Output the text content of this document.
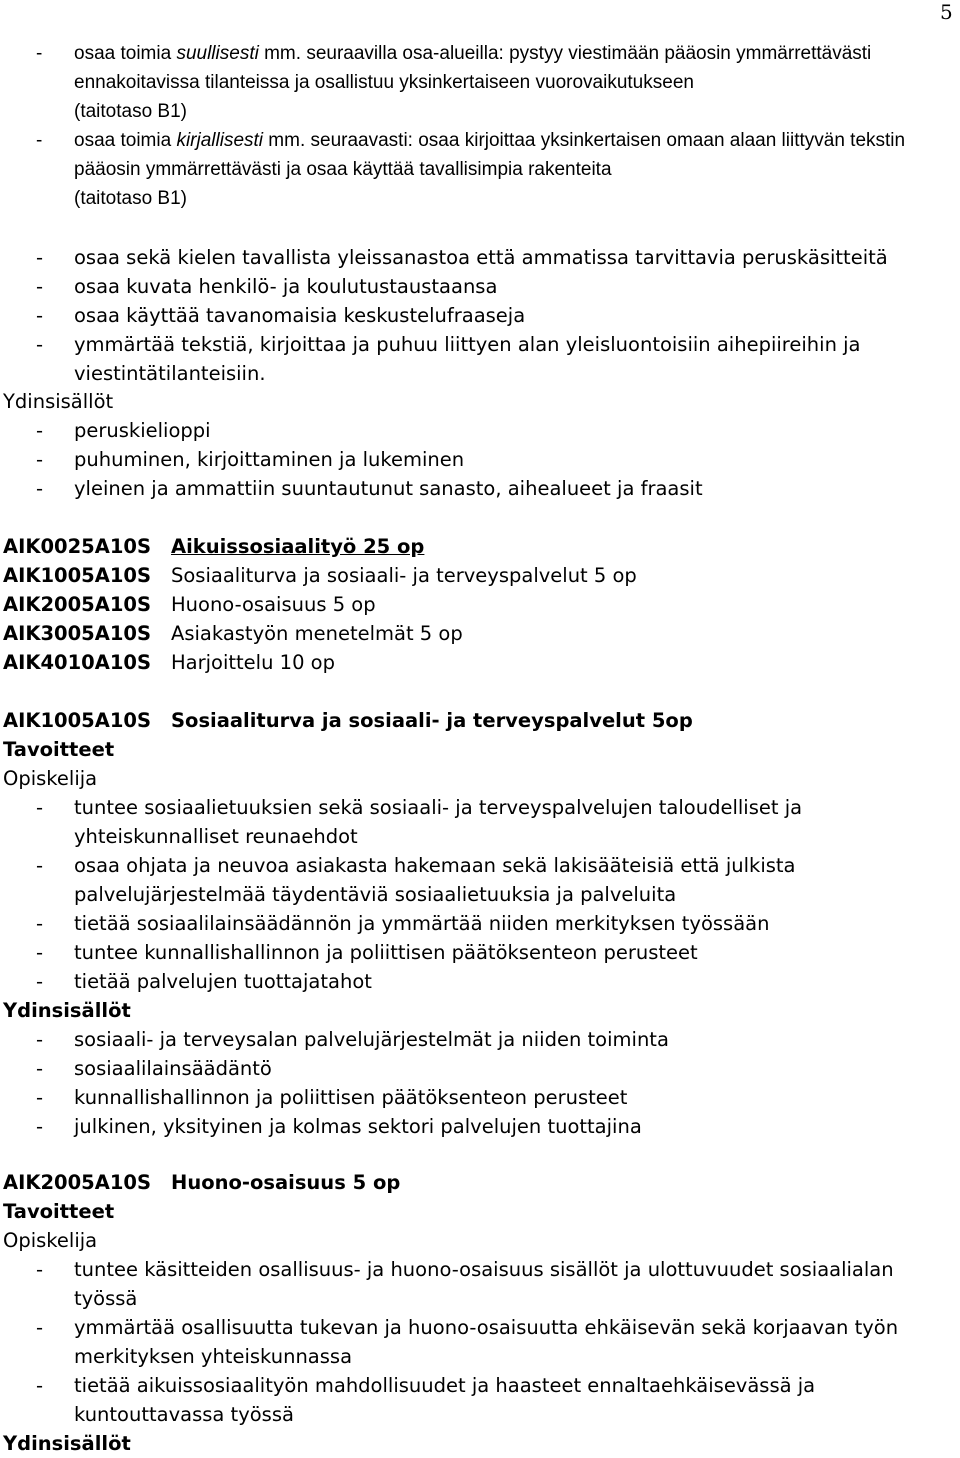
5
- osaa toimia suullisesti mm. seuraavilla osa-alueilla: pystyy viestimään pääosin ymmärrettävästi ennakoitavissa tilanteissa ja osallistuu yksinkertaiseen vuorovaikutukseen
(taitotaso B1)
- osaa toimia kirjallisesti mm. seuraavasti: osaa kirjoittaa yksinkertaisen omaan alaan liittyvän tekstin pääosin ymmärrettävästi ja osaa käyttää tavallisimpia rakenteita
(taitotaso B1)
- osaa sekä kielen tavallista yleissanastoa että ammatissa tarvittavia peruskäsitteitä
- osaa kuvata henkilö- ja koulutustaustaansa
- osaa käyttää tavanomaisia keskustelufraaseja
- ymmärtää tekstiä, kirjoittaa ja puhuu liittyen alan yleisluontoisiin aihepiireihin ja viestintätilanteisiin.
Ydinsisällöt
- peruskielioppi
- puhuminen, kirjoittaminen ja lukeminen
- yleinen ja ammattiin suuntautunut sanasto, aihealueet ja fraasit
AIK0025A10S Aikuissosiaalityö 25 op
AIK1005A10S Sosiaaliturva ja sosiaali- ja terveyspalvelut 5 op
AIK2005A10S Huono-osaisuus 5 op
AIK3005A10S Asiakastyön menetelmät 5 op
AIK4010A10S Harjoittelu 10 op
AIK1005A10S Sosiaaliturva ja sosiaali- ja terveyspalvelut 5op
Tavoitteet
Opiskelija
- tuntee sosiaalietuuksien sekä sosiaali- ja terveyspalvelujen taloudelliset ja yhteiskunnalliset reunaehdot
- osaa ohjata ja neuvoa asiakasta hakemaan sekä lakisääteisiä että julkista palvelujärjestelmää täydentäviä sosiaalietuuksia ja palveluita
- tietää sosiaalilainsäädännön ja ymmärtää niiden merkityksen työssään
- tuntee kunnallishallinnon ja poliittisen päätöksenteon perusteet
- tietää palvelujen tuottajatahot
Ydinsisällöt
- sosiaali- ja terveysalan palvelujärjestelmät ja niiden toiminta
- sosiaalilainsäädäntö
- kunnallishallinnon ja poliittisen päätöksenteon perusteet
- julkinen, yksityinen ja kolmas sektori palvelujen tuottajina
AIK2005A10S Huono-osaisuus 5 op
Tavoitteet
Opiskelija
- tuntee käsitteiden osallisuus- ja huono-osaisuus sisällöt ja ulottuvuudet sosiaalialan työssä
- ymmärtää osallisuutta tukevan ja huono-osaisuutta ehkäisevän sekä korjaavan työn merkityksen yhteiskunnassa
- tietää aikuissosiaalityön mahdollisuudet ja haasteet ennaltaehkäisevässä ja kuntouttavassa työssä
Ydinsisällöt
